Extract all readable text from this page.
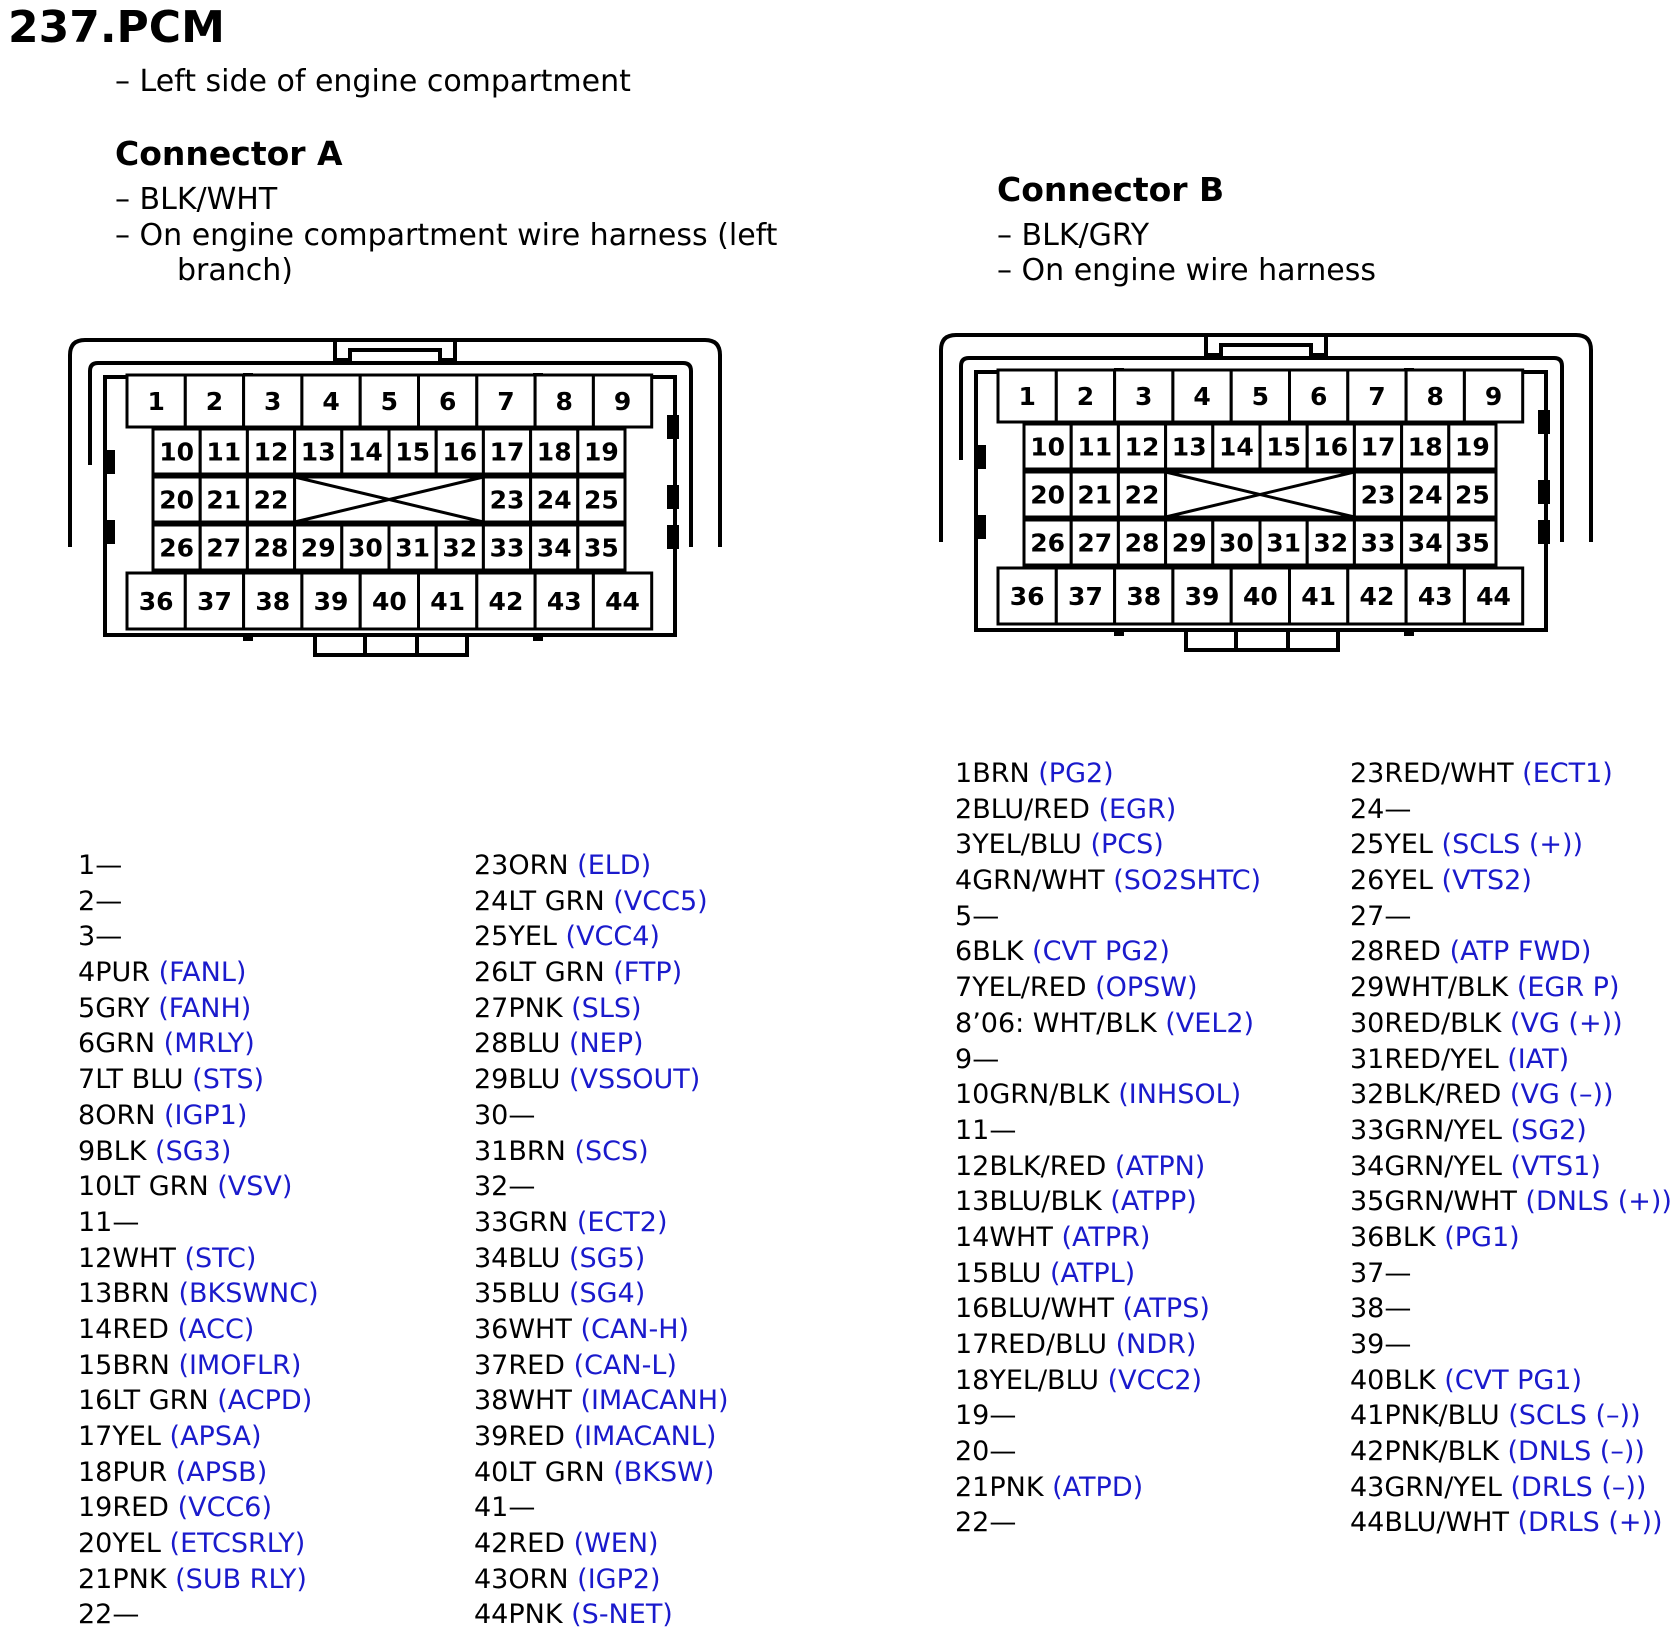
237.PCM
– Left side of engine compartment
Connector A
– BLK/WHT
– On engine compartment wire harness (left
branch)
Connector B
– BLK/GRY
– On engine wire harness
1 2 3 4 5 6 7 8 9
10 11 12 13 14 15 16 17 18 19
20 21 22	23 24 25
26 27 28 29 30 31 32 33 34 35
36 37 38 39 40 41 42 43 44
1 2 3 4 5 6 7 8 9
10 11 12 13 14 15 16 17 18 19
20 21 22	23 24 25
26 27 28 29 30 31 32 33 34 35
36 37 38 39 40 41 42 43 44
1—
2—
3—
4PUR (FANL)
5GRY (FANH)
6GRN (MRLY)
7LT BLU (STS)
8ORN (IGP1)
9BLK (SG3)
10LT GRN (VSV)
11—
12WHT (STC)
13BRN (BKSWNC)
14RED (ACC)
15BRN (IMOFLR)
16LT GRN (ACPD)
17YEL (APSA)
18PUR (APSB)
19RED (VCC6)
20YEL (ETCSRLY)
21PNK (SUB RLY)
22—
23ORN (ELD)
24LT GRN (VCC5)
25YEL (VCC4)
26LT GRN (FTP)
27PNK (SLS)
28BLU (NEP)
29BLU (VSSOUT)
30—
31BRN (SCS)
32—
33GRN (ECT2)
34BLU (SG5)
35BLU (SG4)
36WHT (CAN-H)
37RED (CAN-L)
38WHT (IMACANH)
39RED (IMACANL)
40LT GRN (BKSW)
41—
42RED (WEN)
43ORN (IGP2)
44PNK (S-NET)
1BRN (PG2)
2BLU/RED (EGR)
3YEL/BLU (PCS)
4GRN/WHT (SO2SHTC)
5—
6BLK (CVT PG2)
7YEL/RED (OPSW)
8’06: WHT/BLK (VEL2)
9—
10GRN/BLK (INHSOL)
11—
12BLK/RED (ATPN)
13BLU/BLK (ATPP)
14WHT (ATPR)
15BLU (ATPL)
16BLU/WHT (ATPS)
17RED/BLU (NDR)
18YEL/BLU (VCC2)
19—
20—
21PNK (ATPD)
22—
23RED/WHT (ECT1)
24—
25YEL (SCLS (+))
26YEL (VTS2)
27—
28RED (ATP FWD)
29WHT/BLK (EGR P)
30RED/BLK (VG (+))
31RED/YEL (IAT)
32BLK/RED (VG (–))
33GRN/YEL (SG2)
34GRN/YEL (VTS1)
35GRN/WHT (DNLS (+))
36BLK (PG1)
37—
38—
39—
40BLK (CVT PG1)
41PNK/BLU (SCLS (–))
42PNK/BLK (DNLS (–))
43GRN/YEL (DRLS (–))
44BLU/WHT (DRLS (+))
